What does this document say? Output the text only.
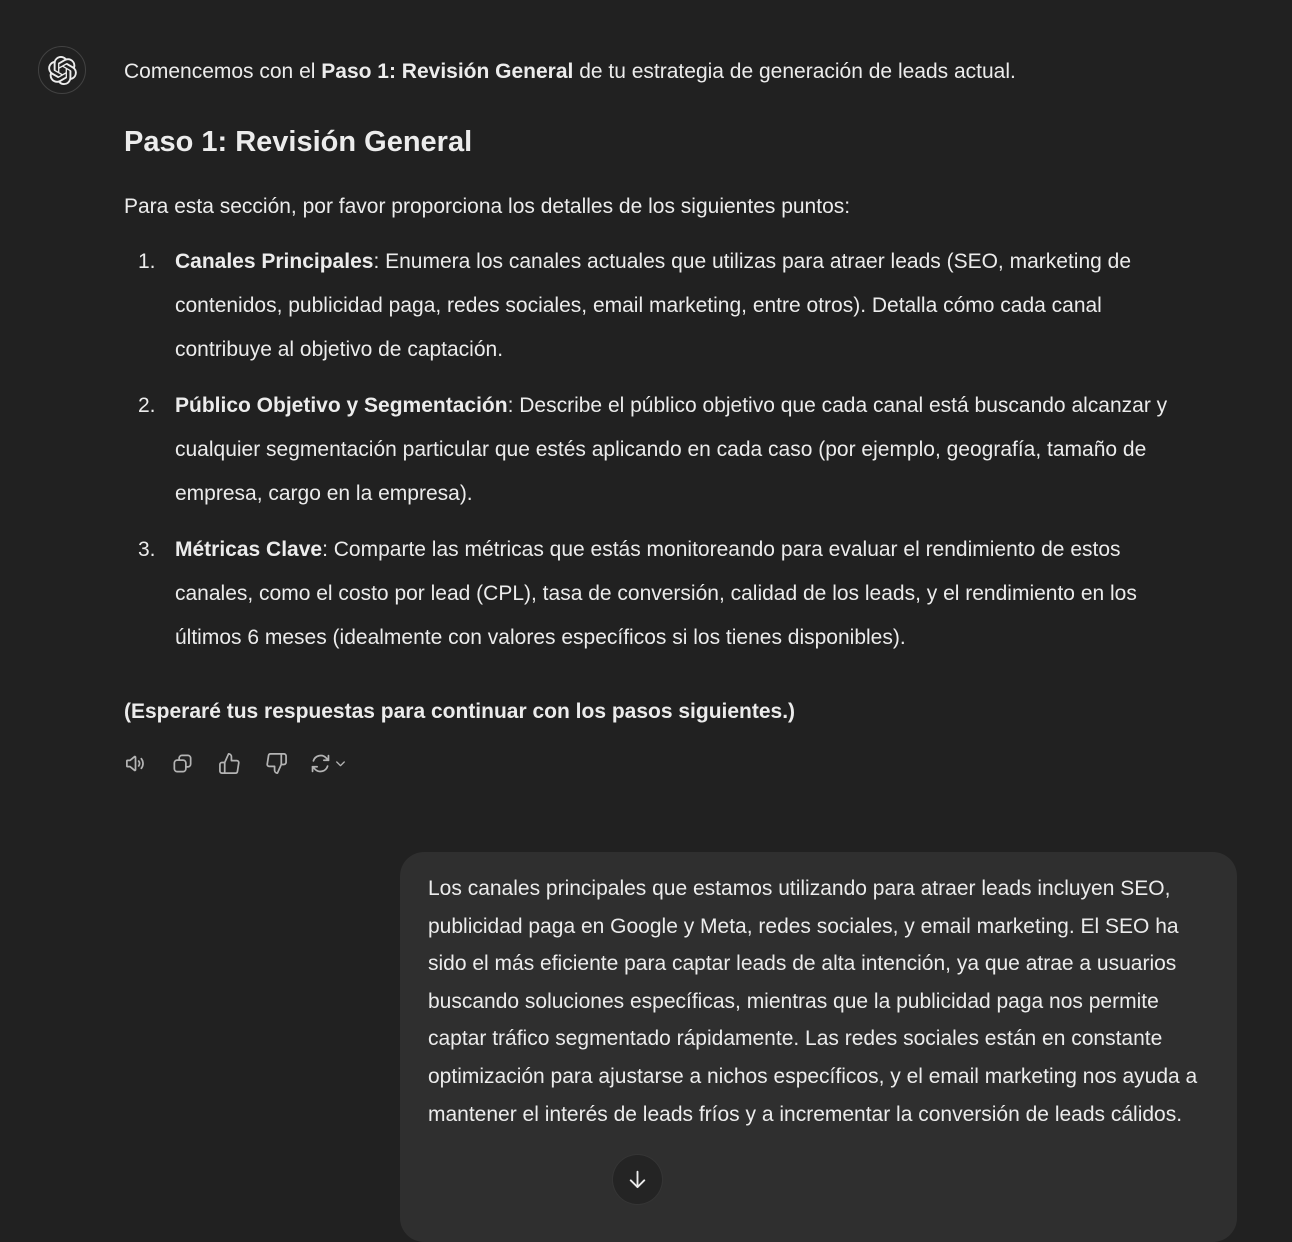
Comencemos con el Paso 1: Revisión General de tu estrategia de generación de leads actual.

Paso 1: Revisión General

Para esta sección, por favor proporciona los detalles de los siguientes puntos:

1. Canales Principales: Enumera los canales actuales que utilizas para atraer leads (SEO, marketing de contenidos, publicidad paga, redes sociales, email marketing, entre otros). Detalla cómo cada canal contribuye al objetivo de captación.
2. Público Objetivo y Segmentación: Describe el público objetivo que cada canal está buscando alcanzar y cualquier segmentación particular que estés aplicando en cada caso (por ejemplo, geografía, tamaño de empresa, cargo en la empresa).
3. Métricas Clave: Comparte las métricas que estás monitoreando para evaluar el rendimiento de estos canales, como el costo por lead (CPL), tasa de conversión, calidad de los leads, y el rendimiento en los últimos 6 meses (idealmente con valores específicos si los tienes disponibles).

(Esperaré tus respuestas para continuar con los pasos siguientes.)

Los canales principales que estamos utilizando para atraer leads incluyen SEO, publicidad paga en Google y Meta, redes sociales, y email marketing. El SEO ha sido el más eficiente para captar leads de alta intención, ya que atrae a usuarios buscando soluciones específicas, mientras que la publicidad paga nos permite captar tráfico segmentado rápidamente. Las redes sociales están en constante optimización para ajustarse a nichos específicos, y el email marketing nos ayuda a mantener el interés de leads fríos y a incrementar la conversión de leads cálidos.
